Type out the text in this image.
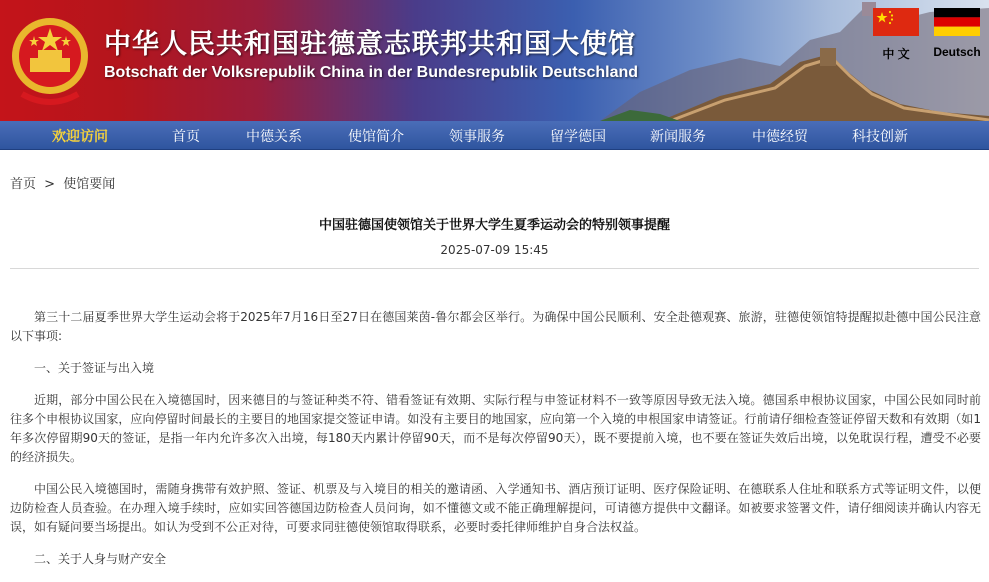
中华人民共和国驻德意志联邦共和国大使馆
Botschaft der Volksrepublik China in der Bundesrepublik Deutschland
中 文	Deutsch
欢迎访问	首页	中德关系	使馆简介	领事服务	留学德国	新闻服务	中德经贸	科技创新
首页 > 使馆要闻
中国驻德国使领馆关于世界大学生夏季运动会的特别领事提醒
2025-07-09 15:45

第三十二届夏季世界大学生运动会将于2025年7月16日至27日在德国莱茵-鲁尔都会区举行。为确保中国公民顺利、安全赴德观赛、旅游，驻德使领馆特提醒拟赴德中国公民注意以下事项:

一、关于签证与出入境

近期，部分中国公民在入境德国时，因来德目的与签证种类不符、错看签证有效期、实际行程与申签证材料不一致等原因导致无法入境。德国系申根协议国家，中国公民如同时前往多个申根协议国家，应向停留时间最长的主要目的地国家提交签证申请。如没有主要目的地国家，应向第一个入境的申根国家申请签证。行前请仔细检查签证停留天数和有效期（如1年多次停留期90天的签证，是指一年内允许多次入出境，每180天内累计停留90天，而不是每次停留90天），既不要提前入境，也不要在签证失效后出境，以免耽误行程，遭受不必要的经济损失。

中国公民入境德国时，需随身携带有效护照、签证、机票及与入境目的相关的邀请函、入学通知书、酒店预订证明、医疗保险证明、在德联系人住址和联系方式等证明文件，以便边防检查人员查验。在办理入境手续时，应如实回答德国边防检查人员问询，如不懂德文或不能正确理解提问，可请德方提供中文翻译。如被要求签署文件，请仔细阅读并确认内容无误，如有疑问要当场提出。如认为受到不公正对待，可要求同驻德使领馆取得联系，必要时委托律师维护自身合法权益。

二、关于人身与财产安全
